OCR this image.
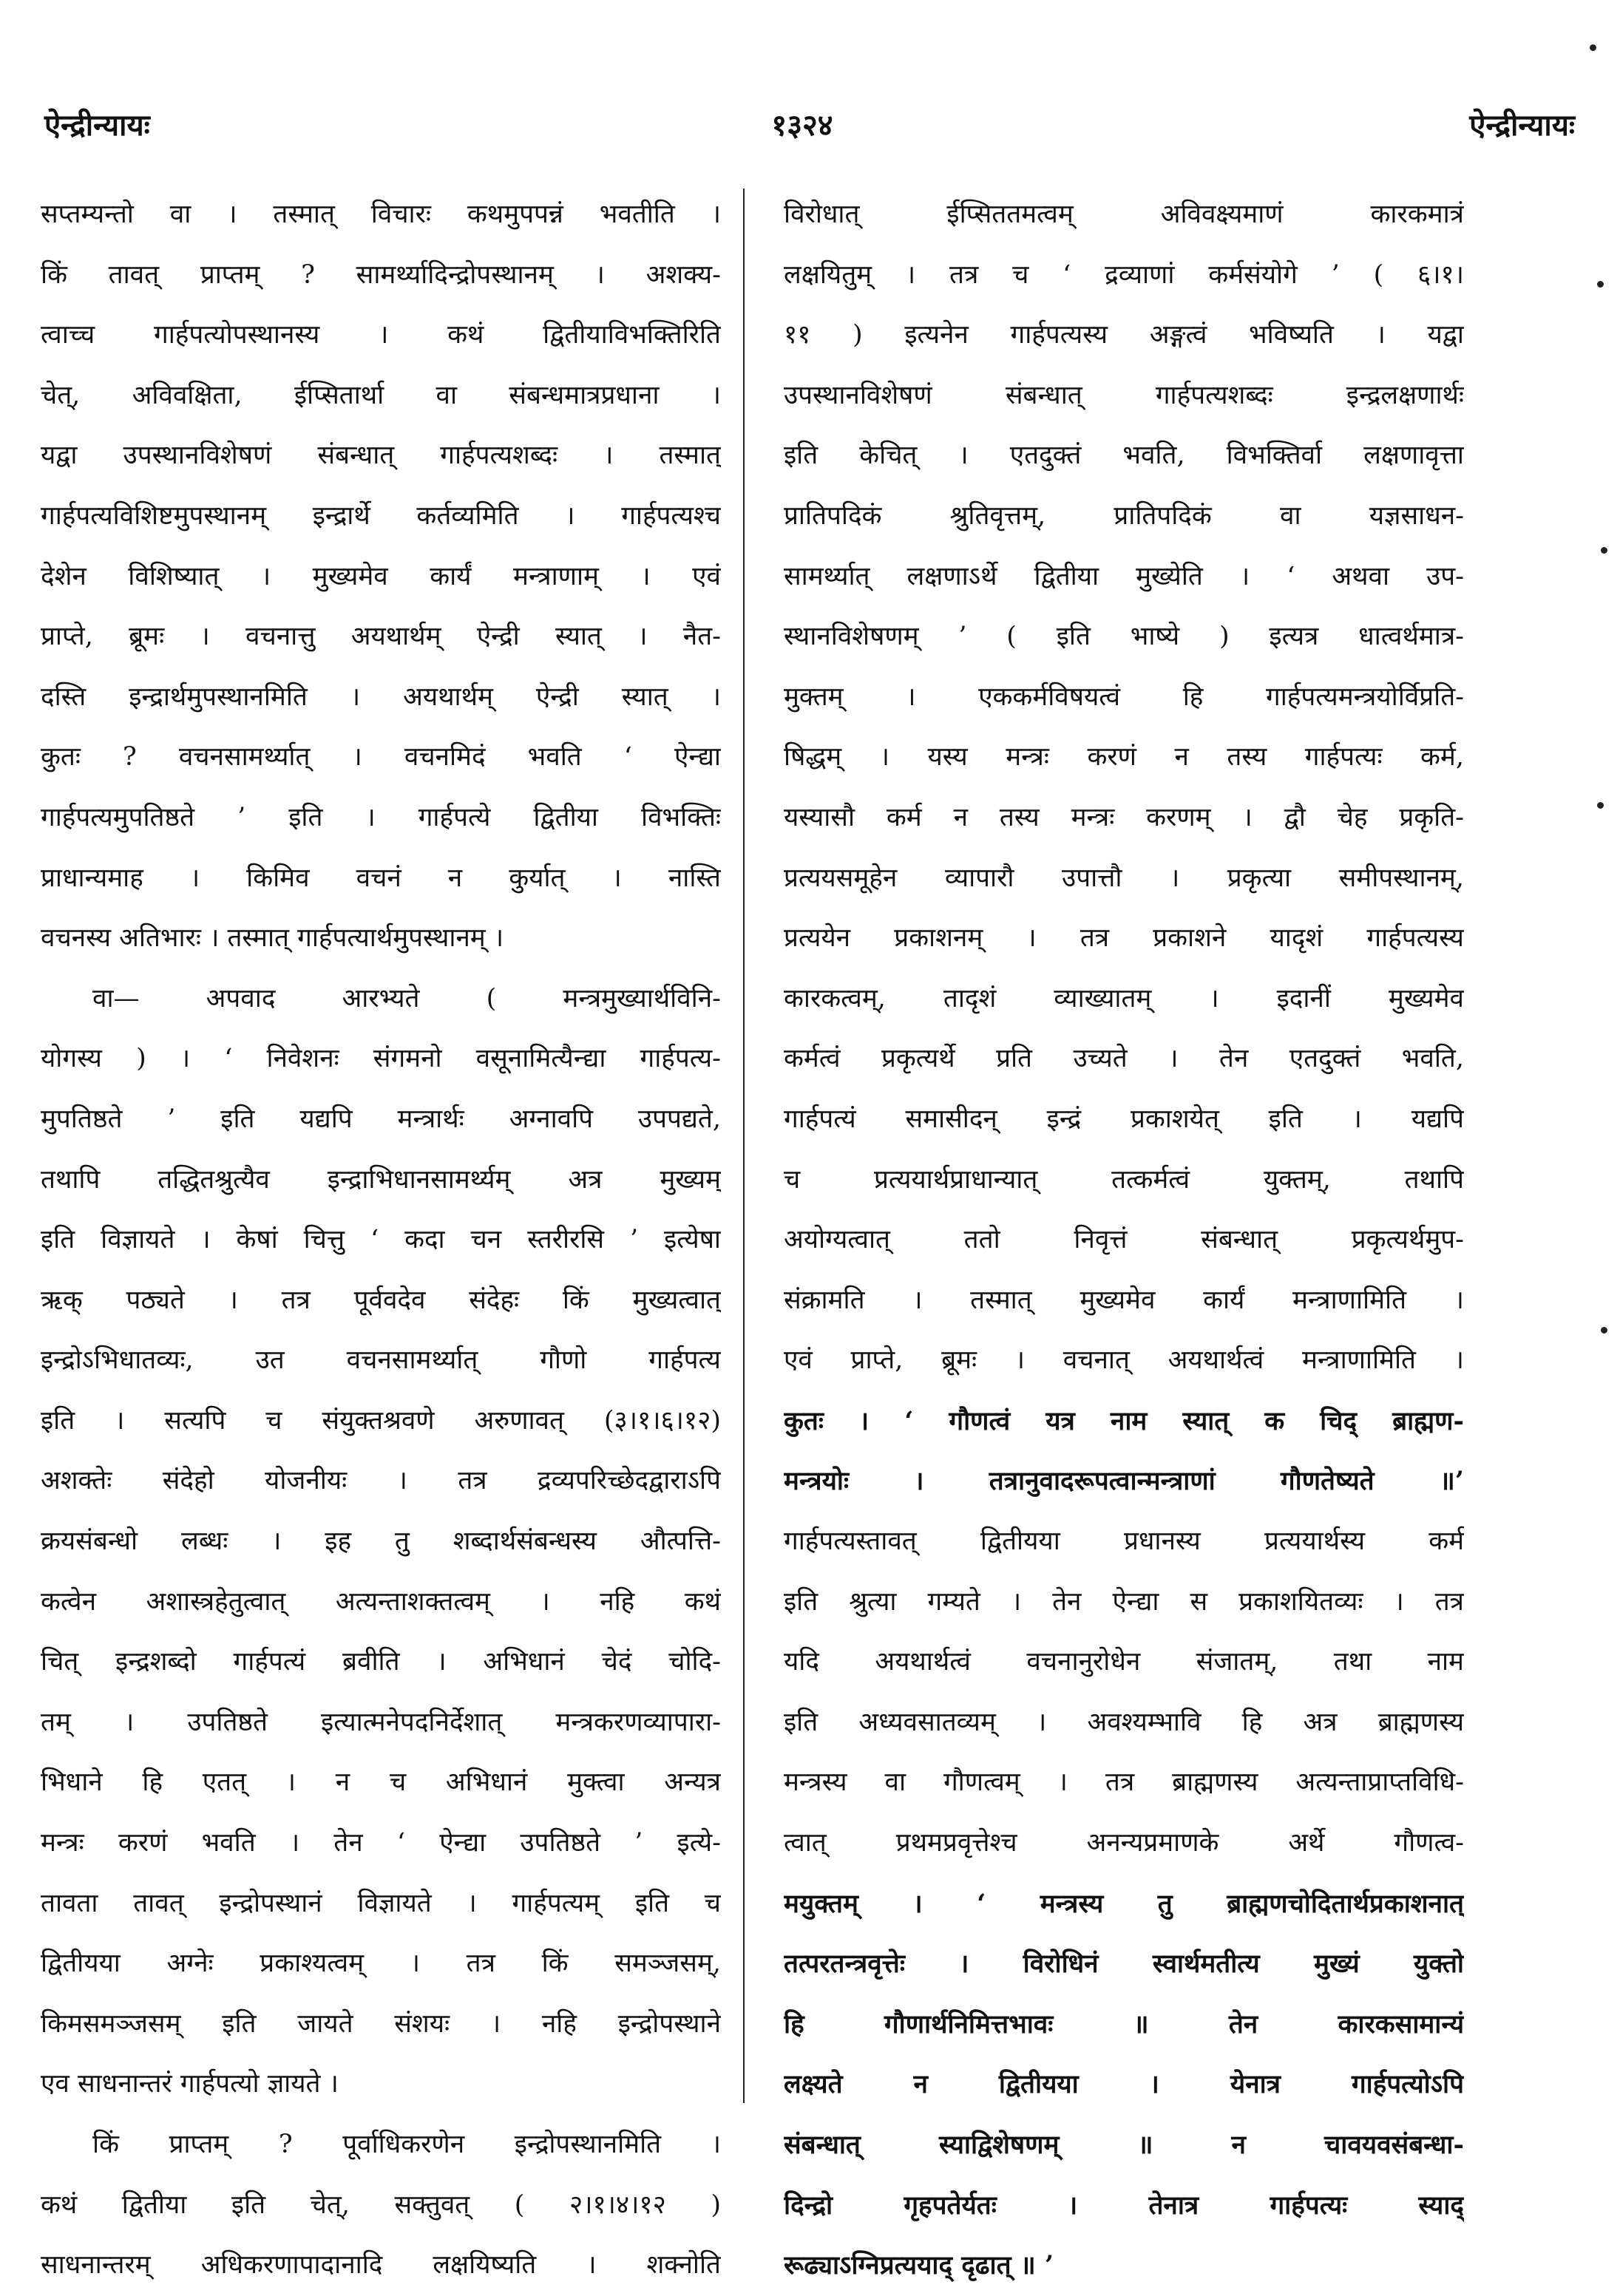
ऐन्द्रीन्यायः	१३२४	ऐन्द्रीन्यायः
सप्तम्यन्तो वा । तस्मात् विचारः कथमुपपन्नं भवतीति ।
किं तावत् प्राप्तम् ? सामर्थ्यादिन्द्रोपस्थानम् । अशक्य-
त्वाच्च गार्हपत्योपस्थानस्य । कथं द्वितीयाविभक्तिरिति
चेत्, अविवक्षिता, ईप्सितार्था वा संबन्धमात्रप्रधाना ।
यद्वा उपस्थानविशेषणं संबन्धात् गार्हपत्यशब्दः । तस्मात्
गार्हपत्यविशिष्टमुपस्थानम् इन्द्रार्थे कर्तव्यमिति । गार्हपत्यश्च
देशेन विशिष्यात् । मुख्यमेव कार्यं मन्त्राणाम् । एवं
प्राप्ते, ब्रूमः । वचनात्तु अयथार्थम् ऐन्द्री स्यात् । नैत-
दस्ति इन्द्रार्थमुपस्थानमिति । अयथार्थम् ऐन्द्री स्यात् ।
कुतः ? वचनसामर्थ्यात् । वचनमिदं भवति ‘ ऐन्द्या
गार्हपत्यमुपतिष्ठते ’ इति । गार्हपत्ये द्वितीया विभक्तिः
प्राधान्यमाह । किमिव वचनं न कुर्यात् । नास्ति
वचनस्य अतिभारः । तस्मात् गार्हपत्यार्थमुपस्थानम् ।
वा— अपवाद आरभ्यते ( मन्त्रमुख्यार्थविनि-
योगस्य ) । ‘ निवेशनः संगमनो वसूनामित्यैन्द्या गार्हपत्य-
मुपतिष्ठते ’ इति यद्यपि मन्त्रार्थः अग्नावपि उपपद्यते,
तथापि तद्धितश्रुत्यैव इन्द्राभिधानसामर्थ्यम् अत्र मुख्यम्
इति विज्ञायते । केषां चित्तु ‘ कदा चन स्तरीरसि ’ इत्येषा
ऋक् पठ्यते । तत्र पूर्ववदेव संदेहः किं मुख्यत्वात्
इन्द्रोऽभिधातव्यः, उत वचनसामर्थ्यात् गौणो गार्हपत्य
इति । सत्यपि च संयुक्तश्रवणे अरुणावत् (३।१।६।१२)
अशक्तेः संदेहो योजनीयः । तत्र द्रव्यपरिच्छेदद्वाराऽपि
क्रयसंबन्धो लब्धः । इह तु शब्दार्थसंबन्धस्य औत्पत्ति-
कत्वेन अशास्त्रहेतुत्वात् अत्यन्ताशक्तत्वम् । नहि कथं
चित् इन्द्रशब्दो गार्हपत्यं ब्रवीति । अभिधानं चेदं चोदि-
तम् । उपतिष्ठते इत्यात्मनेपदनिर्देशात् मन्त्रकरणव्यापारा-
भिधाने हि एतत् । न च अभिधानं मुक्त्वा अन्यत्र
मन्त्रः करणं भवति । तेन ‘ ऐन्द्या उपतिष्ठते ’ इत्ये-
तावता तावत् इन्द्रोपस्थानं विज्ञायते । गार्हपत्यम् इति च
द्वितीयया अग्नेः प्रकाश्यत्वम् । तत्र किं समञ्जसम्,
किमसमञ्जसम् इति जायते संशयः । नहि इन्द्रोपस्थाने
एव साधनान्तरं गार्हपत्यो ज्ञायते ।
किं प्राप्तम् ? पूर्वाधिकरणेन इन्द्रोपस्थानमिति ।
कथं द्वितीया इति चेत्, सक्तुवत् ( २।१।४।१२ )
साधनान्तरम् अधिकरणापादानादि लक्षयिष्यति । शक्नोति
विरोधात् ईप्सिततमत्वम् अविवक्ष्यमाणं कारकमात्रं
लक्षयितुम् । तत्र च ‘ द्रव्याणां कर्मसंयोगे ’ ( ६।१।
११ ) इत्यनेन गार्हपत्यस्य अङ्गत्वं भविष्यति । यद्वा
उपस्थानविशेषणं संबन्धात् गार्हपत्यशब्दः इन्द्रलक्षणार्थः
इति केचित् । एतदुक्तं भवति, विभक्तिर्वा लक्षणावृत्ता
प्रातिपदिकं श्रुतिवृत्तम्, प्रातिपदिकं वा यज्ञसाधन-
सामर्थ्यात् लक्षणाऽर्थे द्वितीया मुख्येति । ‘ अथवा उप-
स्थानविशेषणम् ’ ( इति भाष्ये ) इत्यत्र धात्वर्थमात्र-
मुक्तम् । एककर्मविषयत्वं हि गार्हपत्यमन्त्रयोर्विप्रति-
षिद्धम् । यस्य मन्त्रः करणं न तस्य गार्हपत्यः कर्म,
यस्यासौ कर्म न तस्य मन्त्रः करणम् । द्वौ चेह प्रकृति-
प्रत्ययसमूहेन व्यापारौ उपात्तौ । प्रकृत्या समीपस्थानम्,
प्रत्ययेन प्रकाशनम् । तत्र प्रकाशने यादृशं गार्हपत्यस्य
कारकत्वम्, तादृशं व्याख्यातम् । इदानीं मुख्यमेव
कर्मत्वं प्रकृत्यर्थे प्रति उच्यते । तेन एतदुक्तं भवति,
गार्हपत्यं समासीदन् इन्द्रं प्रकाशयेत् इति । यद्यपि
च प्रत्ययार्थप्राधान्यात् तत्कर्मत्वं युक्तम्, तथापि
अयोग्यत्वात् ततो निवृत्तं संबन्धात् प्रकृत्यर्थमुप-
संक्रामति । तस्मात् मुख्यमेव कार्यं मन्त्राणामिति ।
एवं प्राप्ते, ब्रूमः । वचनात् अयथार्थत्वं मन्त्राणामिति ।
कुतः । ‘ गौणत्वं यत्र नाम स्यात् क चिद् ब्राह्मण-
मन्त्रयोः । तत्रानुवादरूपत्वान्मन्त्राणां गौणतेष्यते ॥’
गार्हपत्यस्तावत् द्वितीयया प्रधानस्य प्रत्ययार्थस्य कर्म
इति श्रुत्या गम्यते । तेन ऐन्द्या स प्रकाशयितव्यः । तत्र
यदि अयथार्थत्वं वचनानुरोधेन संजातम्, तथा नाम
इति अध्यवसातव्यम् । अवश्यम्भावि हि अत्र ब्राह्मणस्य
मन्त्रस्य वा गौणत्वम् । तत्र ब्राह्मणस्य अत्यन्ताप्राप्तविधि-
त्वात् प्रथमप्रवृत्तेश्च अनन्यप्रमाणके अर्थे गौणत्व-
मयुक्तम् । ‘ मन्त्रस्य तु ब्राह्मणचोदितार्थप्रकाशनात्
तत्परतन्त्रवृत्तेः । विरोधिनं स्वार्थमतीत्य मुख्यं युक्तो
हि गौणार्थनिमित्तभावः ॥ तेन कारकसामान्यं
लक्ष्यते न द्वितीयया । येनात्र गार्हपत्योऽपि
संबन्धात् स्याद्विशेषणम् ॥ न चावयवसंबन्धा-
दिन्द्रो गृहपतेर्यतः । तेनात्र गार्हपत्यः स्याद्
रूढ्याऽग्निप्रत्ययाद् दृढात् ॥ ’
